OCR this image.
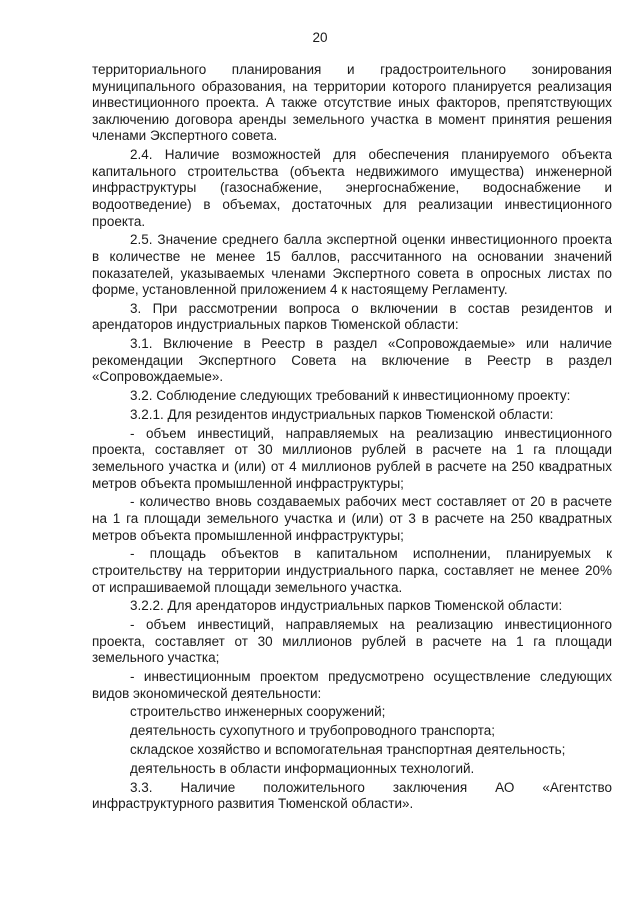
20

территориального планирования и градостроительного зонирования муниципального образования, на территории которого планируется реализация инвестиционного проекта. А также отсутствие иных факторов, препятствующих заключению договора аренды земельного участка в момент принятия решения членами Экспертного совета.

2.4. Наличие возможностей для обеспечения планируемого объекта капитального строительства (объекта недвижимого имущества) инженерной инфраструктуры (газоснабжение, энергоснабжение, водоснабжение и водоотведение) в объемах, достаточных для реализации инвестиционного проекта.

2.5. Значение среднего балла экспертной оценки инвестиционного проекта в количестве не менее 15 баллов, рассчитанного на основании значений показателей, указываемых членами Экспертного совета в опросных листах по форме, установленной приложением 4 к настоящему Регламенту.

3. При рассмотрении вопроса о включении в состав резидентов и арендаторов индустриальных парков Тюменской области:

3.1. Включение в Реестр в раздел «Сопровождаемые» или наличие рекомендации Экспертного Совета на включение в Реестр в раздел «Сопровождаемые».

3.2. Соблюдение следующих требований к инвестиционному проекту:

3.2.1. Для резидентов индустриальных парков Тюменской области:

- объем инвестиций, направляемых на реализацию инвестиционного проекта, составляет от 30 миллионов рублей в расчете на 1 га площади земельного участка и (или) от 4 миллионов рублей в расчете на 250 квадратных метров объекта промышленной инфраструктуры;

- количество вновь создаваемых рабочих мест составляет от 20 в расчете на 1 га площади земельного участка и (или) от 3 в расчете на 250 квадратных метров объекта промышленной инфраструктуры;

- площадь объектов в капитальном исполнении, планируемых к строительству на территории индустриального парка, составляет не менее 20% от испрашиваемой площади земельного участка.

3.2.2. Для арендаторов индустриальных парков Тюменской области:

- объем инвестиций, направляемых на реализацию инвестиционного проекта, составляет от 30 миллионов рублей в расчете на 1 га площади земельного участка;

- инвестиционным проектом предусмотрено осуществление следующих видов экономической деятельности:

строительство инженерных сооружений;

деятельность сухопутного и трубопроводного транспорта;

складское хозяйство и вспомогательная транспортная деятельность;

деятельность в области информационных технологий.

3.3. Наличие положительного заключения АО «Агентство инфраструктурного развития Тюменской области».
